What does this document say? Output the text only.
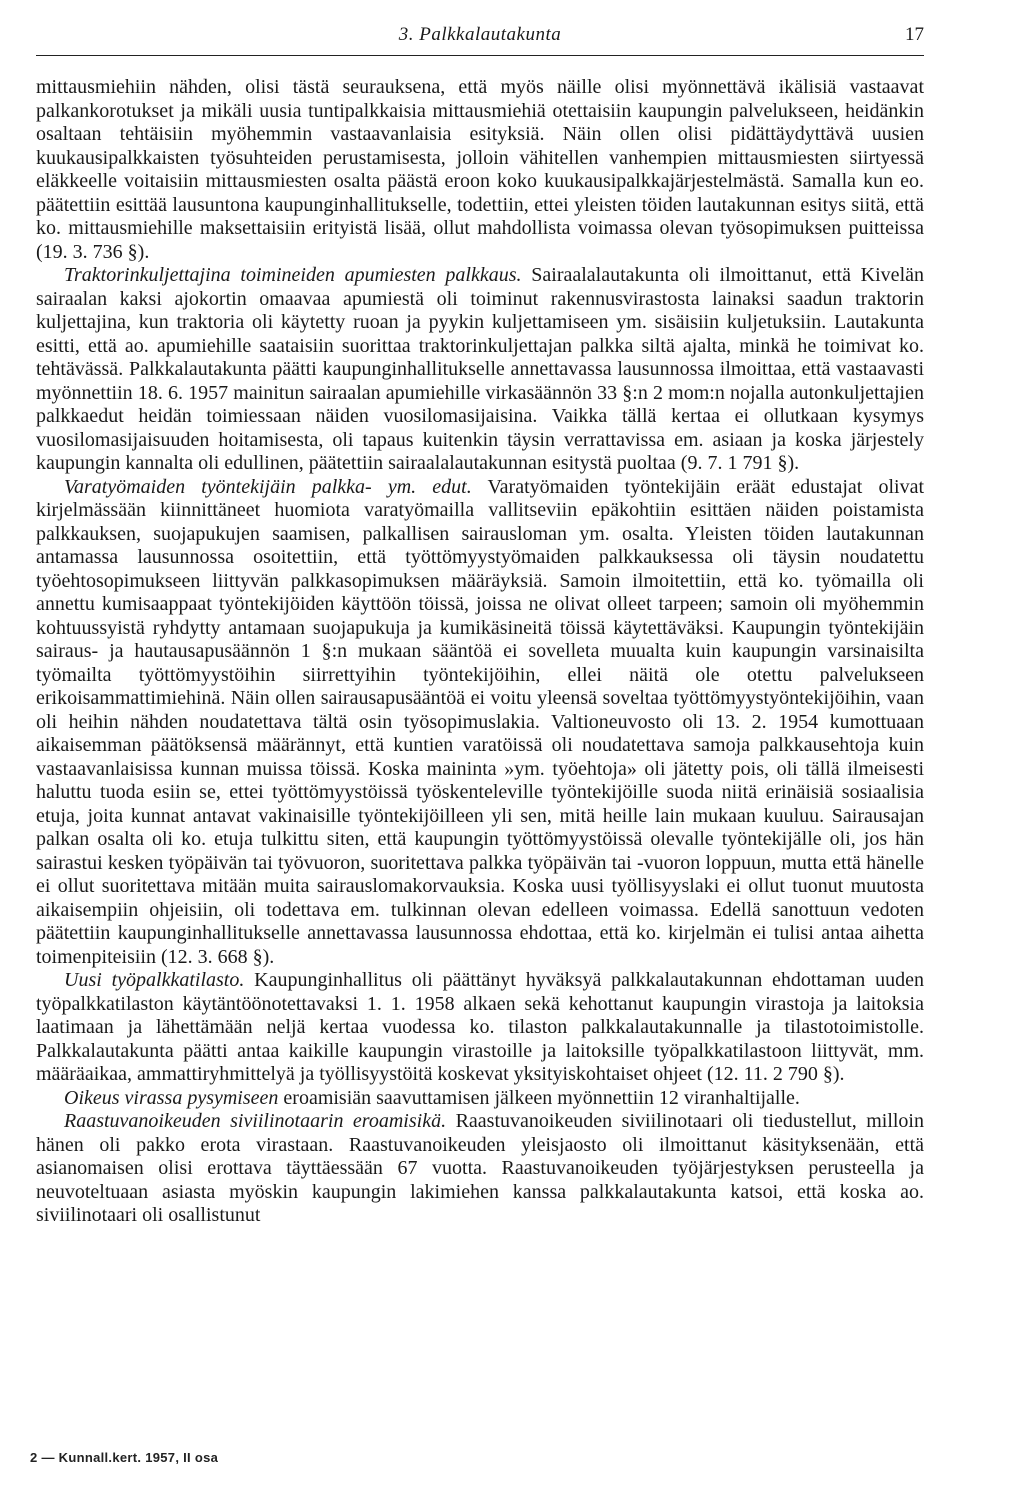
3. Palkkalautakunta	17

mittausmiehiin nähden, olisi tästä seurauksena, että myös näille olisi myönnettävä ikälisiä vastaavat palkankorotukset ja mikäli uusia tuntipalkkaisia mittausmiehiä otettaisiin kaupungin palvelukseen, heidänkin osaltaan tehtäisiin myöhemmin vastaavanlaisia esityksiä. Näin ollen olisi pidättäydyttävä uusien kuukausipalkkaisten työsuhteiden perustamisesta, jolloin vähitellen vanhempien mittausmiesten siirtyessä eläkkeelle voitaisiin mittausmiesten osalta päästä eroon koko kuukausipalkkajärjestelmästä. Samalla kun eo. päätettiin esittää lausuntona kaupunginhallitukselle, todettiin, ettei yleisten töiden lautakunnan esitys siitä, että ko. mittausmiehille maksettaisiin erityistä lisää, ollut mahdollista voimassa olevan työsopimuksen puitteissa (19. 3. 736 §).

Traktorinkuljettajina toimineiden apumiesten palkkaus. Sairaalalautakunta oli ilmoittanut, että Kivelän sairaalan kaksi ajokortin omaavaa apumiestä oli toiminut rakennusvirastosta lainaksi saadun traktorin kuljettajina, kun traktoria oli käytetty ruoan ja pyykin kuljettamiseen ym. sisäisiin kuljetuksiin. Lautakunta esitti, että ao. apumiehille saataisiin suorittaa traktorinkuljettajan palkka siltä ajalta, minkä he toimivat ko. tehtävässä. Palkkalautakunta päätti kaupunginhallitukselle annettavassa lausunnossa ilmoittaa, että vastaavasti myönnettiin 18. 6. 1957 mainitun sairaalan apumiehille virkasäännön 33 §:n 2 mom:n nojalla autonkuljettajien palkkaedut heidän toimiessaan näiden vuosilomasijaisina. Vaikka tällä kertaa ei ollutkaan kysymys vuosilomasijaisuuden hoitamisesta, oli tapaus kuitenkin täysin verrattavissa em. asiaan ja koska järjestely kaupungin kannalta oli edullinen, päätettiin sairaalalautakunnan esitystä puoltaa (9. 7. 1 791 §).

Varatyömaiden työntekijäin palkka- ym. edut. Varatyömaiden työntekijäin eräät edustajat olivat kirjelmässään kiinnittäneet huomiota varatyömailla vallitseviin epäkohtiin esittäen näiden poistamista palkkauksen, suojapukujen saamisen, palkallisen sairausloman ym. osalta. Yleisten töiden lautakunnan antamassa lausunnossa osoitettiin, että työttömyystyömaiden palkkauksessa oli täysin noudatettu työehtosopimukseen liittyvän palkkasopimuksen määräyksiä. Samoin ilmoitettiin, että ko. työmailla oli annettu kumisaappaat työntekijöiden käyttöön töissä, joissa ne olivat olleet tarpeen; samoin oli myöhemmin kohtuussyistä ryhdytty antamaan suojapukuja ja kumikäsineitä töissä käytettäväksi. Kaupungin työntekijäin sairaus- ja hautausapusäännön 1 §:n mukaan sääntöä ei sovelleta muualta kuin kaupungin varsinaisilta työmailta työttömyystöihin siirrettyihin työntekijöihin, ellei näitä ole otettu palvelukseen erikoisammattimiehinä. Näin ollen sairausapusääntöä ei voitu yleensä soveltaa työttömyystyöntekijöihin, vaan oli heihin nähden noudatettava tältä osin työsopimuslakia. Valtioneuvosto oli 13. 2. 1954 kumottuaan aikaisemman päätöksensä määrännyt, että kuntien varatöissä oli noudatettava samoja palkkausehtoja kuin vastaavanlaisissa kunnan muissa töissä. Koska maininta »ym. työehtoja» oli jätetty pois, oli tällä ilmeisesti haluttu tuoda esiin se, ettei työttömyystöissä työskenteleville työntekijöille suoda niitä erinäisiä sosiaalisia etuja, joita kunnat antavat vakinaisille työntekijöilleen yli sen, mitä heille lain mukaan kuuluu. Sairausajan palkan osalta oli ko. etuja tulkittu siten, että kaupungin työttömyystöissä olevalle työntekijälle oli, jos hän sairastui kesken työpäivän tai työvuoron, suoritettava palkka työpäivän tai -vuoron loppuun, mutta että hänelle ei ollut suoritettava mitään muita sairauslomakorvauksia. Koska uusi työllisyyslaki ei ollut tuonut muutosta aikaisempiin ohjeisiin, oli todettava em. tulkinnan olevan edelleen voimassa. Edellä sanottuun vedoten päätettiin kaupunginhallitukselle annettavassa lausunnossa ehdottaa, että ko. kirjelmän ei tulisi antaa aihetta toimenpiteisiin (12. 3. 668 §).

Uusi työpalkkatilasto. Kaupunginhallitus oli päättänyt hyväksyä palkkalautakunnan ehdottaman uuden työpalkkatilaston käytäntöönotettavaksi 1. 1. 1958 alkaen sekä kehottanut kaupungin virastoja ja laitoksia laatimaan ja lähettämään neljä kertaa vuodessa ko. tilaston palkkalautakunnalle ja tilastotoimistolle. Palkkalautakunta päätti antaa kaikille kaupungin virastoille ja laitoksille työpalkkatilastoon liittyvät, mm. määräaikaa, ammattiryhmittelyä ja työllisyystöitä koskevat yksityiskohtaiset ohjeet (12. 11. 2 790 §).

Oikeus virassa pysymiseen eroamisiän saavuttamisen jälkeen myönnettiin 12 viranhaltijalle.

Raastuvanoikeuden siviilinotaarin eroamisikä. Raastuvanoikeuden siviilinotaari oli tiedustellut, milloin hänen oli pakko erota virastaan. Raastuvanoikeuden yleisjaosto oli ilmoittanut käsityksenään, että asianomaisen olisi erottava täyttäessään 67 vuotta. Raastuvanoikeuden työjärjestyksen perusteella ja neuvoteltuaan asiasta myöskin kaupungin lakimiehen kanssa palkkalautakunta katsoi, että koska ao. siviilinotaari oli osallistunut

2 — Kunnall.kert. 1957, II osa
